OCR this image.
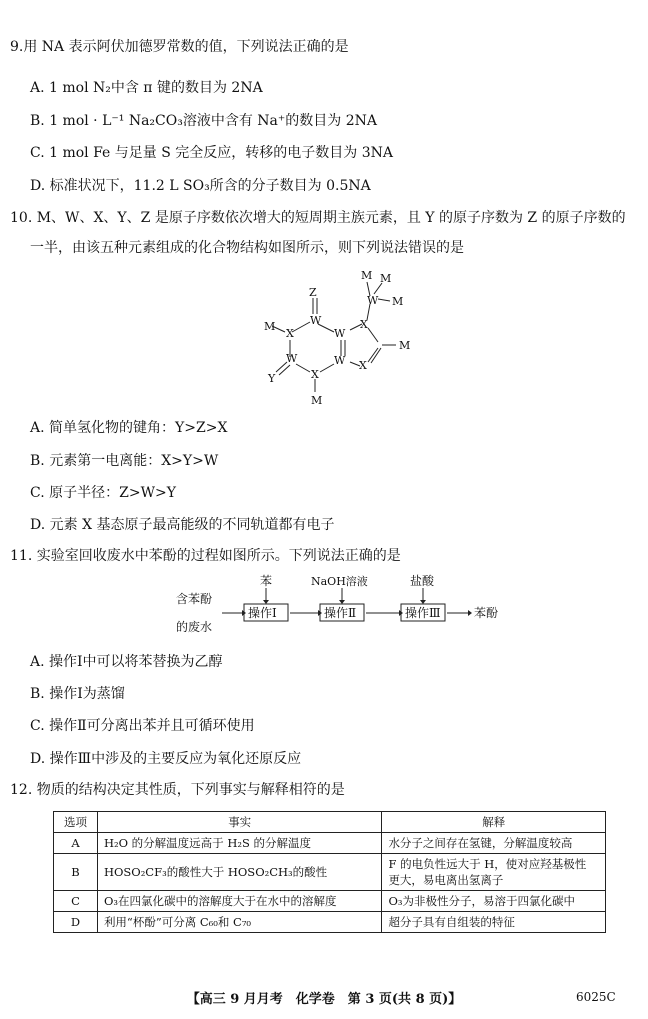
9.用 NA 表示阿伏加德罗常数的值，下列说法正确的是
A. 1 mol N₂中含 π 键的数目为 2NA
B. 1 mol · L⁻¹ Na₂CO₃溶液中含有 Na⁺的数目为 2NA
C. 1 mol Fe 与足量 S 完全反应，转移的电子数目为 3NA
D. 标准状况下，11.2 L SO₃所含的分子数目为 0.5NA
10. M、W、X、Y、Z 是原子序数依次增大的短周期主族元素，且 Y 的原子序数为 Z 的原子序数的
一半，由该五种元素组成的化合物结构如图所示，则下列说法错误的是
M
X
Z
W
W
W
W
Y	X
M
X
X
W
M M
M
M
A. 简单氢化物的键角：Y>Z>X
B. 元素第一电离能：X>Y>W
C. 原子半径：Z>W>Y
D. 元素 X 基态原子最高能级的不同轨道都有电子
11. 实验室回收废水中苯酚的过程如图所示。下列说法正确的是
含苯酚
的废水
苯	NaOH溶液	盐酸
操作Ⅰ	操作Ⅱ	操作Ⅲ	苯酚
A. 操作Ⅰ中可以将苯替换为乙醇
B. 操作Ⅰ为蒸馏
C. 操作Ⅱ可分离出苯并且可循环使用
D. 操作Ⅲ中涉及的主要反应为氧化还原反应
12. 物质的结构决定其性质，下列事实与解释相符的是
选项	事实	解释
A	H₂O 的分解温度远高于 H₂S 的分解温度	水分子之间存在氢键，分解温度较高
B	HOSO₂CF₃的酸性大于 HOSO₂CH₃的酸性	F 的电负性远大于 H，使对应羟基极性
更大，易电离出氢离子
C	O₃在四氯化碳中的溶解度大于在水中的溶解度	O₃为非极性分子，易溶于四氯化碳中
D	利用“杯酚”可分离 C₆₀和 C₇₀	超分子具有自组装的特征
【高三 9 月月考　化学卷　第 3 页(共 8 页)】	6025C
